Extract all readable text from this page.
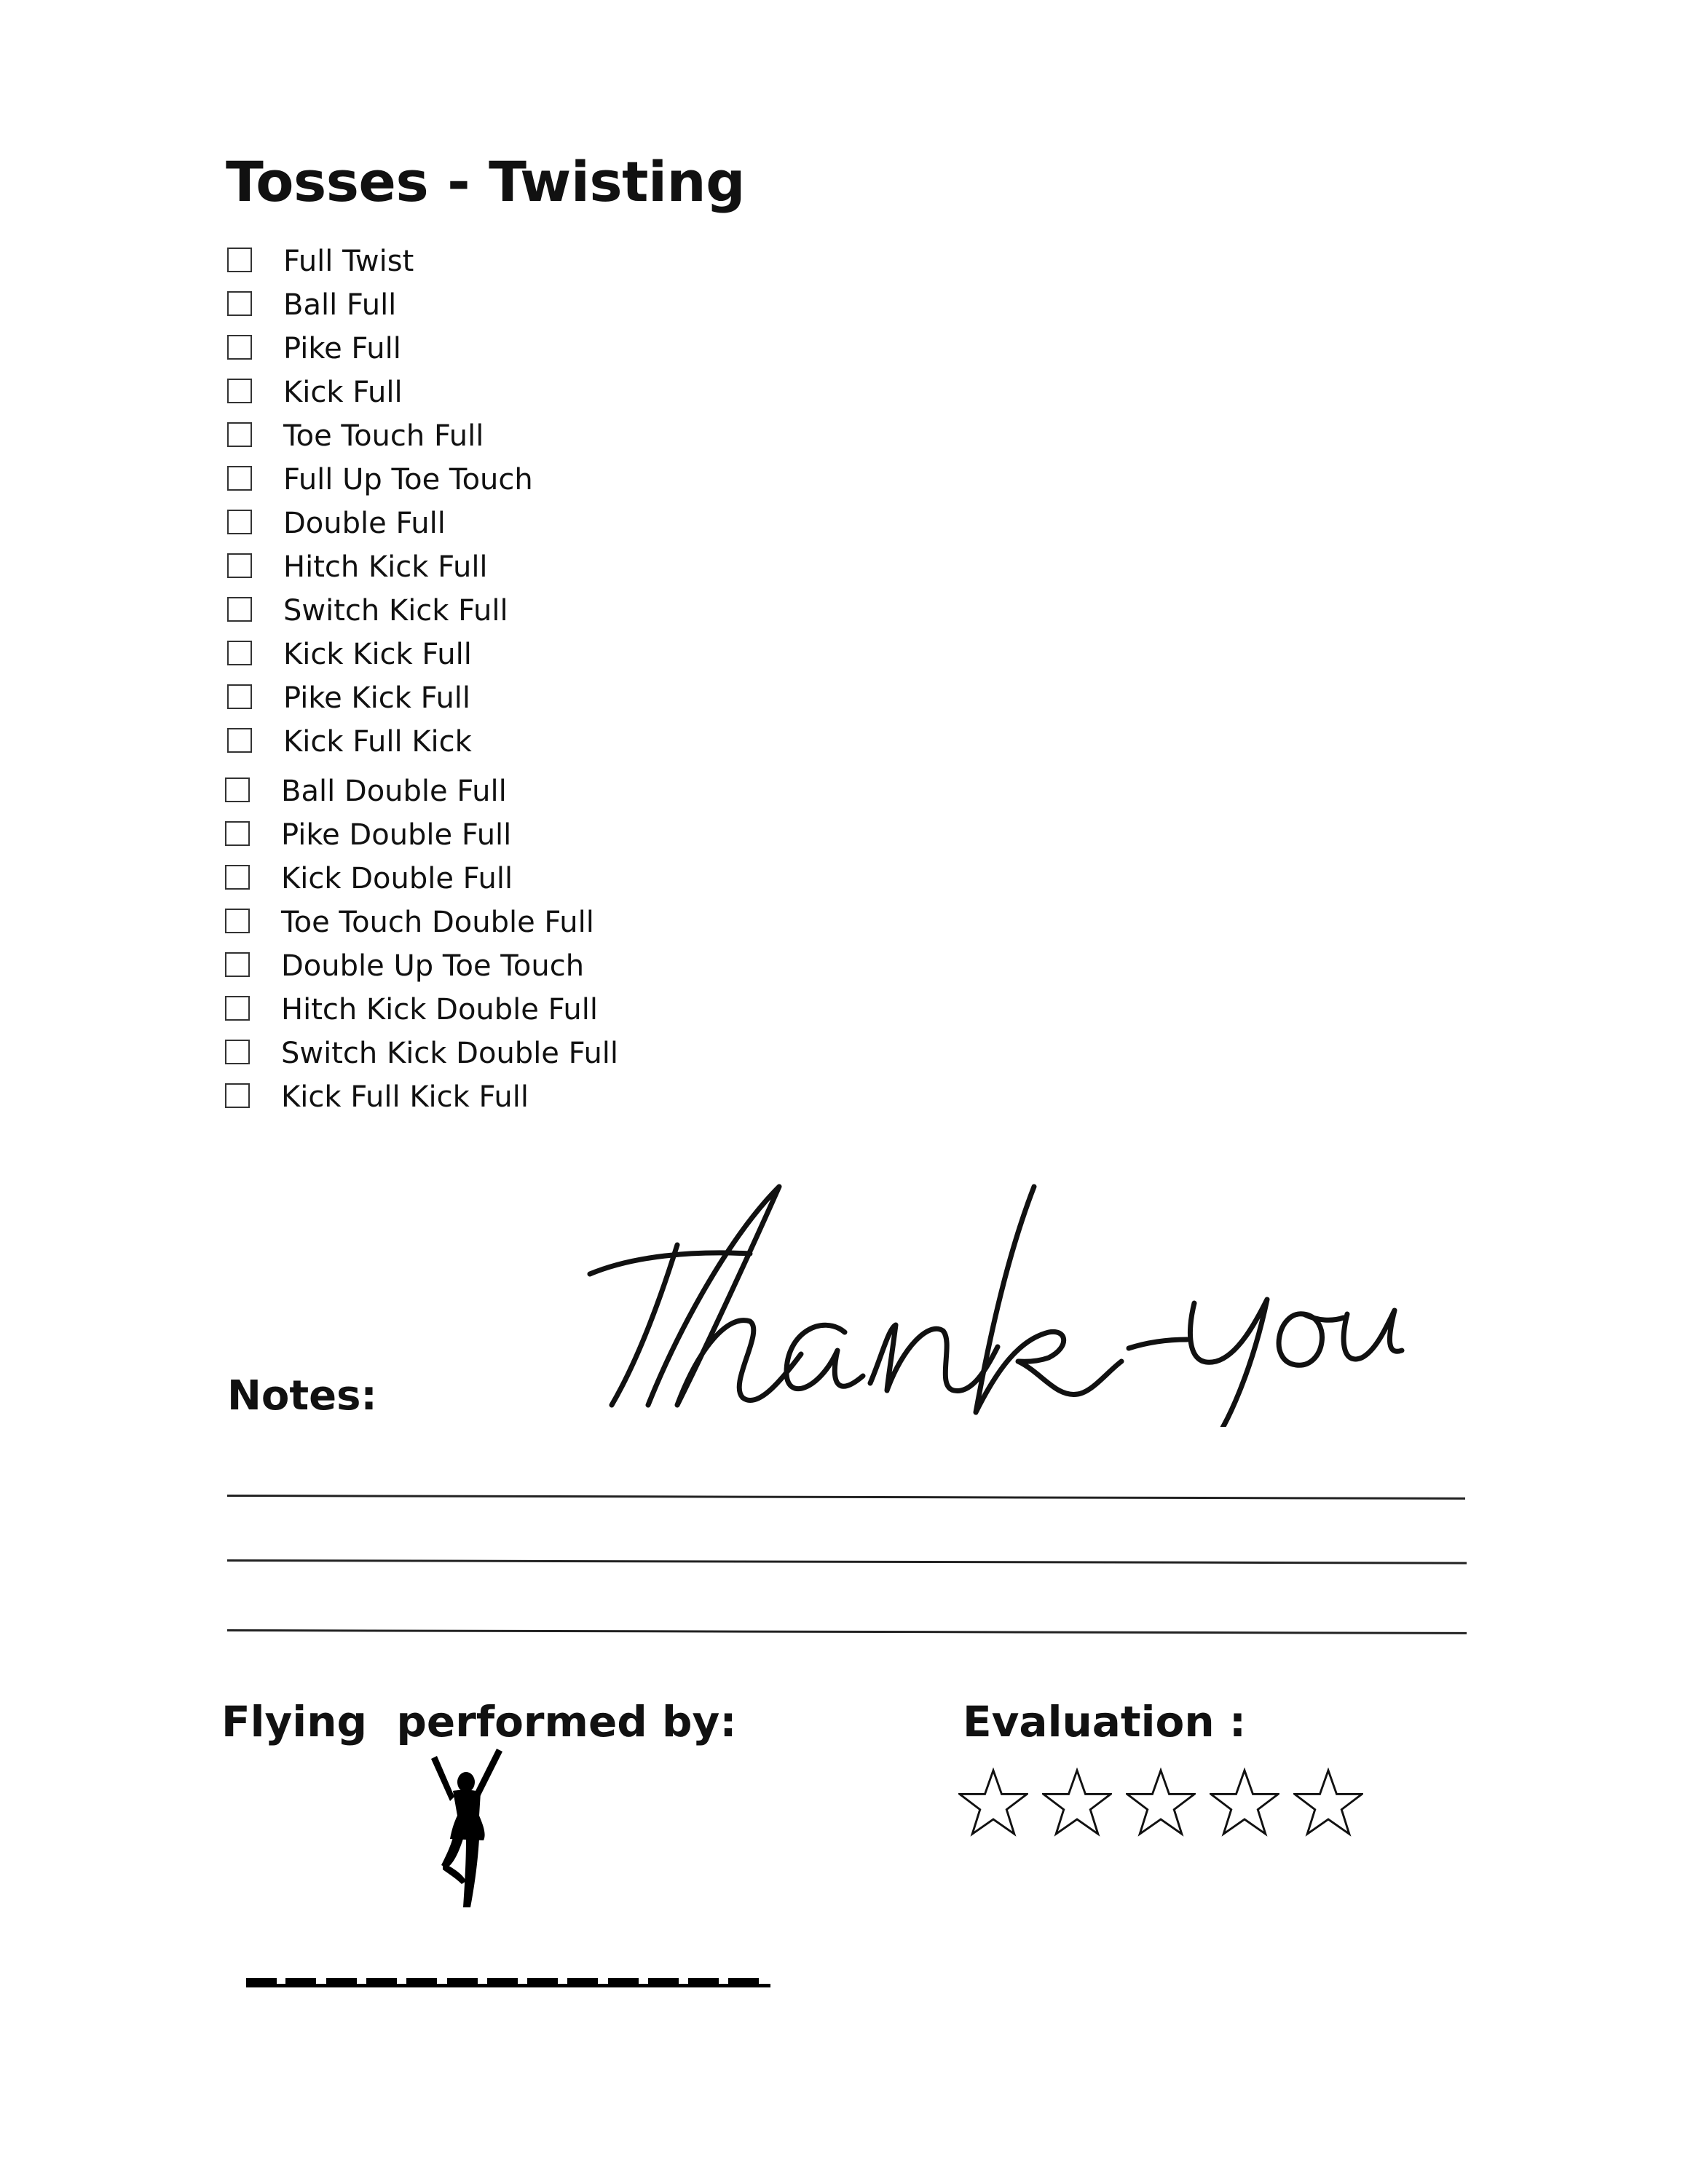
Tosses - Twisting
Full Twist
Ball Full
Pike Full
Kick Full
Toe Touch Full
Full Up Toe Touch
Double Full
Hitch Kick Full
Switch Kick Full
Kick Kick Full
Pike Kick Full
Kick Full Kick
Ball Double Full
Pike Double Full
Kick Double Full
Toe Touch Double Full
Double Up Toe Touch
Hitch Kick Double Full
Switch Kick Double Full
Kick Full Kick Full
Notes:
Flying  performed by:	Evaluation :
